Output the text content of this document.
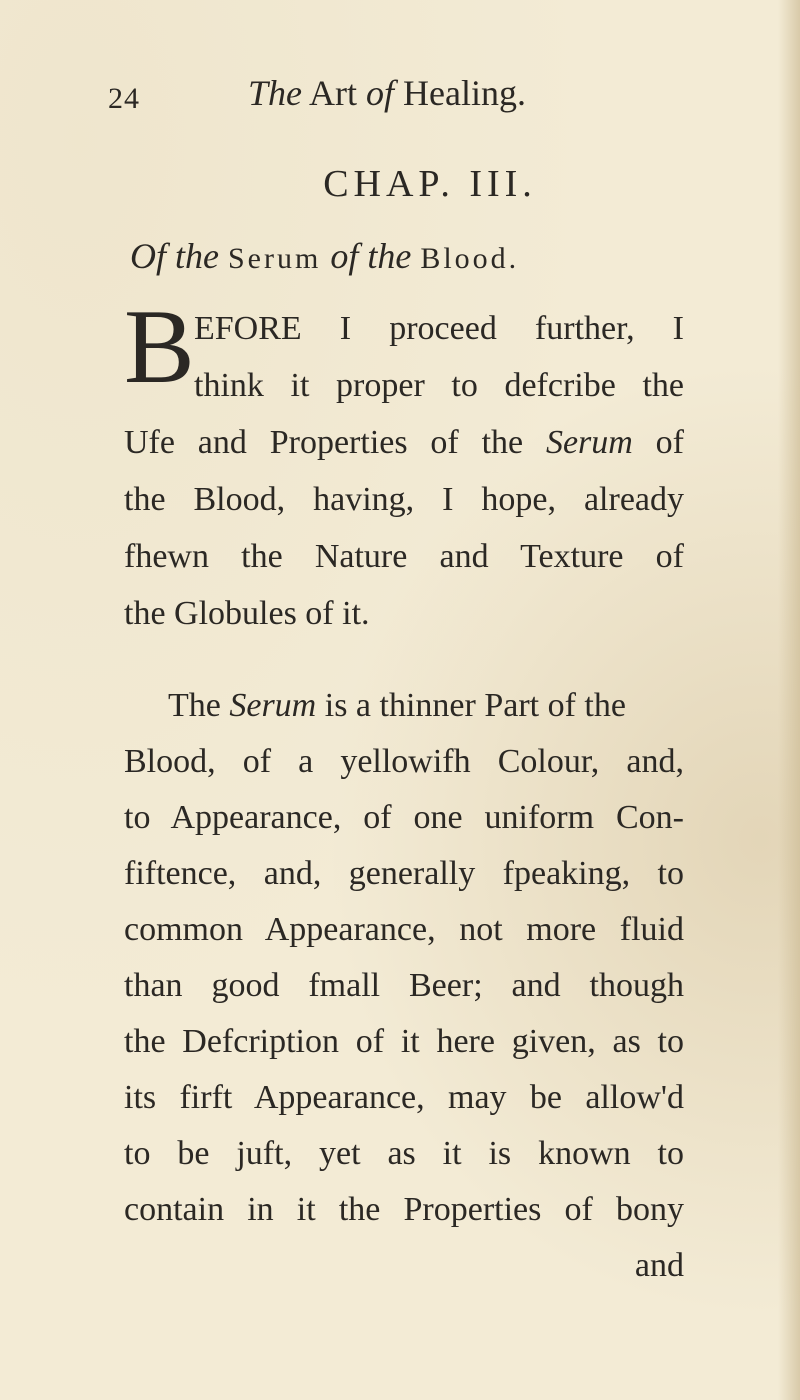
24	The Art of Healing.
CHAP. III.
Of the Serum of the Blood.
B EFORE I proceed further, I
think it proper to defcribe the
Ufe and Properties of the Serum of
the Blood, having, I hope, already
fhewn the Nature and Texture of
the Globules of it.
The Serum is a thinner Part of the
Blood, of a yellowifh Colour, and,
to Appearance, of one uniform Con-
fiftence, and, generally fpeaking, to
common Appearance, not more fluid
than good fmall Beer; and though
the Defcription of it here given, as to
its firft Appearance, may be allow'd
to be juft, yet as it is known to
contain in it the Properties of bony
and
